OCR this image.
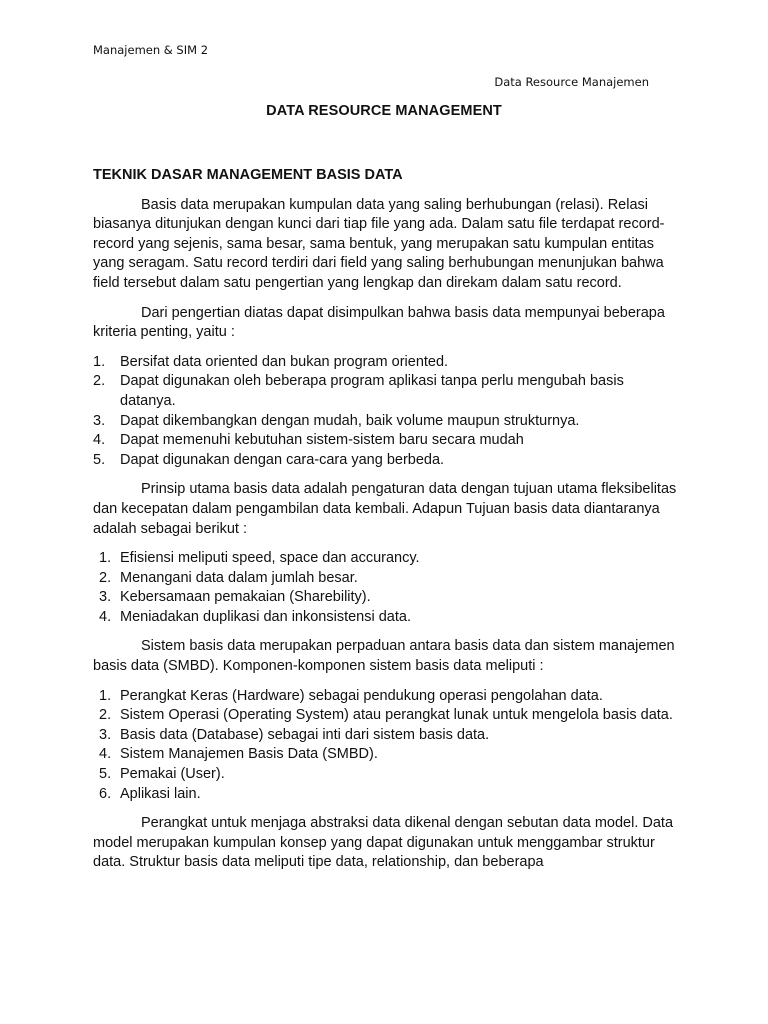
Manajemen & SIM 2
Data Resource Manajemen
DATA RESOURCE MANAGEMENT
TEKNIK DASAR MANAGEMENT BASIS DATA

Basis data merupakan kumpulan data yang saling berhubungan (relasi). Relasi biasanya ditunjukan dengan kunci dari tiap file yang ada. Dalam satu file terdapat record-record yang sejenis, sama besar, sama bentuk, yang merupakan satu kumpulan entitas yang seragam. Satu record terdiri dari field yang saling berhubungan menunjukan bahwa field tersebut dalam satu pengertian yang lengkap dan direkam dalam satu record.

Dari pengertian diatas dapat disimpulkan bahwa basis data mempunyai beberapa kriteria penting, yaitu :

1. Bersifat data oriented dan bukan program oriented.
2. Dapat digunakan oleh beberapa program aplikasi tanpa perlu mengubah basis datanya.
3. Dapat dikembangkan dengan mudah, baik volume maupun strukturnya.
4. Dapat memenuhi kebutuhan sistem-sistem baru secara mudah
5. Dapat digunakan dengan cara-cara yang berbeda.

Prinsip utama basis data adalah pengaturan data dengan tujuan utama fleksibelitas dan kecepatan dalam pengambilan data kembali. Adapun Tujuan basis data diantaranya adalah sebagai berikut :

1. Efisiensi meliputi speed, space dan accurancy.
2. Menangani data dalam jumlah besar.
3. Kebersamaan pemakaian (Sharebility).
4. Meniadakan duplikasi dan inkonsistensi data.

Sistem basis data merupakan perpaduan antara basis data dan sistem manajemen basis data (SMBD). Komponen-komponen sistem basis data meliputi :

1. Perangkat Keras (Hardware) sebagai pendukung operasi pengolahan data.
2. Sistem Operasi (Operating System) atau perangkat lunak untuk mengelola basis data.
3. Basis data (Database) sebagai inti dari sistem basis data.
4. Sistem Manajemen Basis Data (SMBD).
5. Pemakai (User).
6. Aplikasi lain.

Perangkat untuk menjaga abstraksi data dikenal dengan sebutan data model. Data model merupakan kumpulan konsep yang dapat digunakan untuk menggambar struktur data. Struktur basis data meliputi tipe data, relationship, dan beberapa
